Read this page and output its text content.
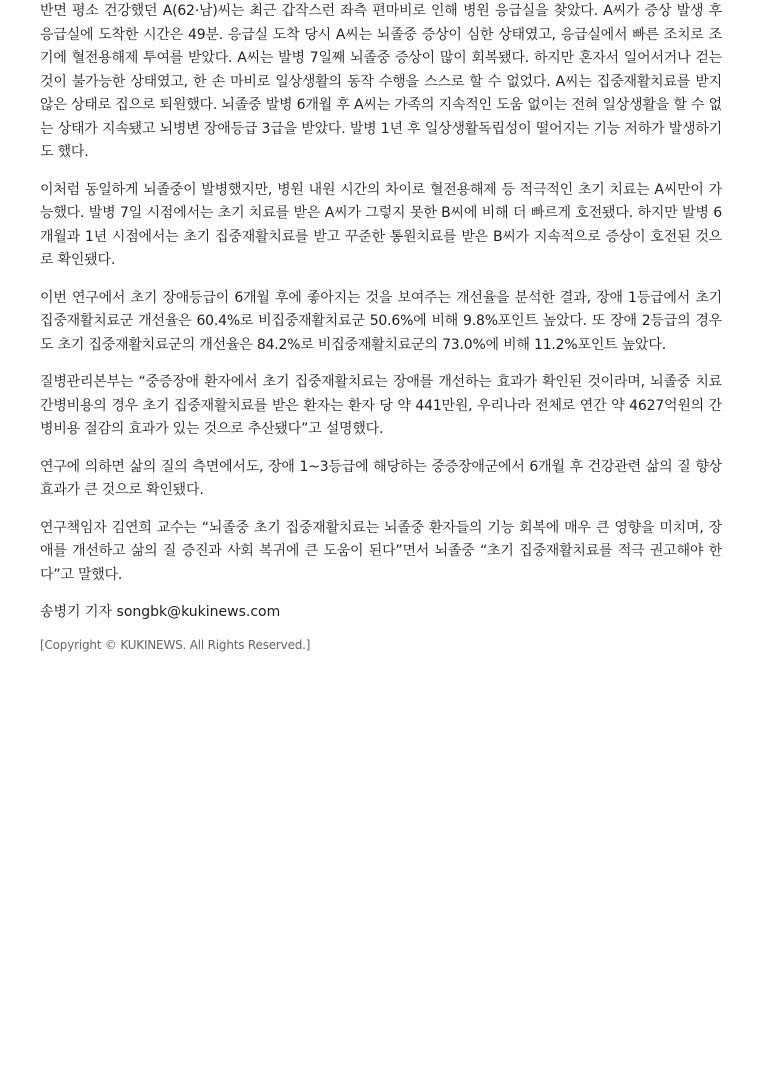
반면 평소 건강했던 A(62·남)씨는 최근 갑작스런 좌측 편마비로 인해 병원 응급실을 찾았다. A씨가 증상 발생 후 응급실에 도착한 시간은 49분. 응급실 도착 당시 A씨는 뇌졸중 증상이 심한 상태였고, 응급실에서 빠른 조치로 조기에 혈전용해제 투여를 받았다. A씨는 발병 7일째 뇌졸중 증상이 많이 회복됐다. 하지만 혼자서 일어서거나 걷는 것이 불가능한 상태였고, 한 손 마비로 일상생활의 동작 수행을 스스로 할 수 없었다. A씨는 집중재활치료를 받지 않은 상태로 집으로 퇴원했다. 뇌졸중 발병 6개월 후 A씨는 가족의 지속적인 도움 없이는 전혀 일상생활을 할 수 없는 상태가 지속됐고 뇌병변 장애등급 3급을 받았다. 발병 1년 후 일상생활독립성이 떨어지는 기능 저하가 발생하기도 했다.

이처럼 동일하게 뇌졸중이 발병했지만, 병원 내원 시간의 차이로 혈전용해제 등 적극적인 초기 치료는 A씨만이 가능했다. 발병 7일 시점에서는 초기 치료를 받은 A씨가 그렇지 못한 B씨에 비해 더 빠르게 호전됐다. 하지만 발병 6개월과 1년 시점에서는 초기 집중재활치료를 받고 꾸준한 통원치료를 받은 B씨가 지속적으로 증상이 호전된 것으로 확인됐다.

이번 연구에서 초기 장애등급이 6개월 후에 좋아지는 것을 보여주는 개선율을 분석한 결과, 장애 1등급에서 초기 집중재활치료군 개선율은 60.4%로 비집중재활치료군 50.6%에 비해 9.8%포인트 높았다. 또 장애 2등급의 경우도 초기 집중재활치료군의 개선율은 84.2%로 비집중재활치료군의 73.0%에 비해 11.2%포인트 높았다.

질병관리본부는 “중증장애 환자에서 초기 집중재활치료는 장애를 개선하는 효과가 확인된 것이라며, 뇌졸중 치료 간병비용의 경우 초기 집중재활치료를 받은 환자는 환자 당 약 441만원, 우리나라 전체로 연간 약 4627억원의 간병비용 절감의 효과가 있는 것으로 추산됐다”고 설명했다.

연구에 의하면 삶의 질의 측면에서도, 장애 1~3등급에 해당하는 중증장애군에서 6개월 후 건강관련 삶의 질 향상효과가 큰 것으로 확인됐다.

연구책임자 김연희 교수는 “뇌졸중 초기 집중재활치료는 뇌졸중 환자들의 기능 회복에 매우 큰 영향을 미치며, 장애를 개선하고 삶의 질 증진과 사회 복귀에 큰 도움이 된다”면서 뇌졸중 “초기 집중재활치료를 적극 권고해야 한다”고 말했다.

송병기 기자 songbk@kukinews.com

[Copyright © KUKINEWS. All Rights Reserved.]
